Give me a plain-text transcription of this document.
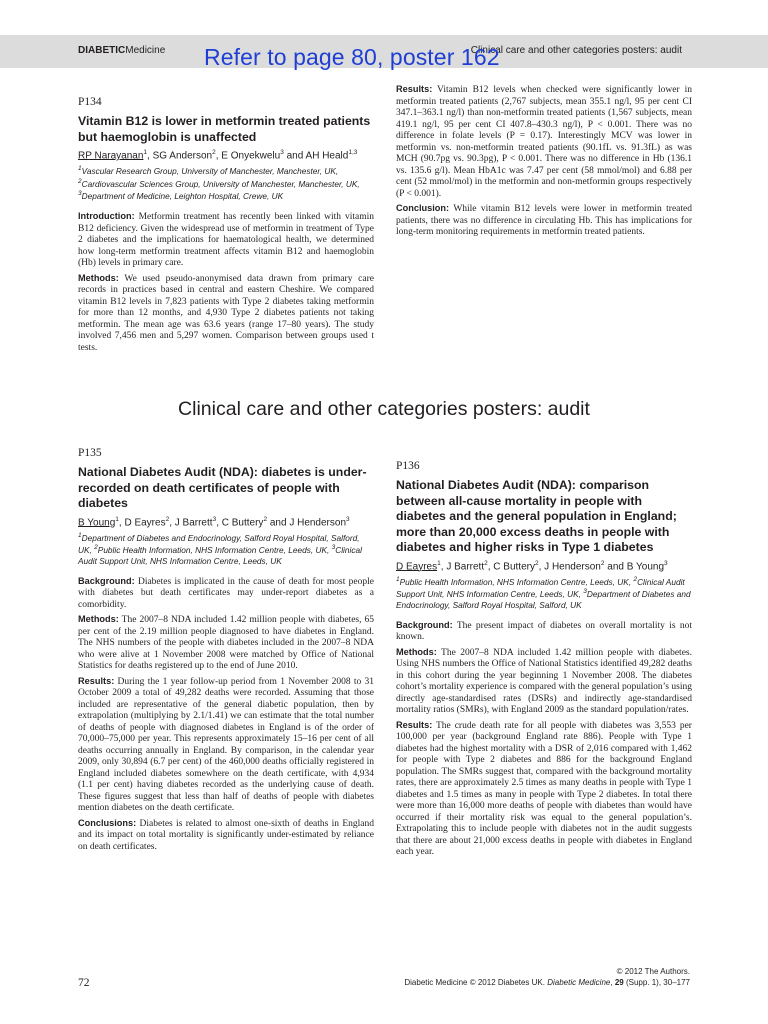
DIABETICMedicine	Clinical care and other categories posters: audit
Refer to page 80, poster 162
P134
Vitamin B12 is lower in metformin treated patients but haemoglobin is unaffected
RP Narayanan$^1$, SG Anderson$^2$, E Onyekwelu$^3$ and AH Heald$^{1,3}$
$^1$Vascular Research Group, University of Manchester, Manchester, UK,
$^2$Cardiovascular Sciences Group, University of Manchester, Manchester, UK,
$^3$Department of Medicine, Leighton Hospital, Crewe, UK

Introduction: Metformin treatment has recently been linked with vitamin B12 deficiency. Given the widespread use of metformin in treatment of Type 2 diabetes and the implications for haematological health, we determined how long-term metformin treatment affects vitamin B12 and haemoglobin (Hb) levels in primary care.

Methods: We used pseudo-anonymised data drawn from primary care records in practices based in central and eastern Cheshire. We compared vitamin B12 levels in 7,823 patients with Type 2 diabetes taking metformin for more than 12 months, and 4,930 Type 2 diabetes patients not taking metformin. The mean age was 63.6 years (range 17–80 years). The study involved 7,456 men and 5,297 women. Comparison between groups used t tests.

Results: Vitamin B12 levels when checked were significantly lower in metformin treated patients (2,767 subjects, mean 355.1 ng/l, 95 per cent CI 347.1–363.1 ng/l) than non-metformin treated patients (1,567 subjects, mean 419.1 ng/l, 95 per cent CI 407.8–430.3 ng/l), P < 0.001. There was no difference in folate levels (P = 0.17). Interestingly MCV was lower in metformin vs. non-metformin treated patients (90.1fL vs. 91.3fL) as was MCH (90.7pg vs. 90.3pg), P < 0.001. There was no difference in Hb (136.1 vs. 135.6 g/l). Mean HbA1c was 7.47 per cent (58 mmol/mol) and 6.88 per cent (52 mmol/mol) in the metformin and non-metformin groups respectively (P < 0.001).

Conclusion: While vitamin B12 levels were lower in metformin treated patients, there was no difference in circulating Hb. This has implications for long-term monitoring requirements in metformin treated patients.

Clinical care and other categories posters: audit
P135
National Diabetes Audit (NDA): diabetes is under-recorded on death certificates of people with diabetes
B Young$^1$, D Eayres$^2$, J Barrett$^3$, C Buttery$^2$ and J Henderson$^3$
$^1$Department of Diabetes and Endocrinology, Salford Royal Hospital, Salford, UK, $^2$Public Health Information, NHS Information Centre, Leeds, UK, $^3$Clinical Audit Support Unit, NHS Information Centre, Leeds, UK

Background: Diabetes is implicated in the cause of death for most people with diabetes but death certificates may under-report diabetes as a comorbidity.

Methods: The 2007–8 NDA included 1.42 million people with diabetes, 65 per cent of the 2.19 million people diagnosed to have diabetes in England. The NHS numbers of the people with diabetes included in the 2007–8 NDA who were alive at 1 November 2008 were matched by Office of National Statistics for deaths registered up to the end of June 2010.

Results: During the 1 year follow-up period from 1 November 2008 to 31 October 2009 a total of 49,282 deaths were recorded. Assuming that those included are representative of the general diabetic population, then by extrapolation (multiplying by 2.1/1.41) we can estimate that the total number of deaths of people with diagnosed diabetes in England is of the order of 70,000–75,000 per year. This represents approximately 15–16 per cent of all deaths occurring annually in England. By comparison, in the calendar year 2009, only 30,894 (6.7 per cent) of the 460,000 deaths officially registered in England included diabetes somewhere on the death certificate, with 4,934 (1.1 per cent) having diabetes recorded as the underlying cause of death. These figures suggest that less than half of deaths of people with diabetes mention diabetes on the death certificate.

Conclusions: Diabetes is related to almost one-sixth of deaths in England and its impact on total mortality is significantly under-estimated by reliance on death certificates.

P136
National Diabetes Audit (NDA): comparison between all-cause mortality in people with diabetes and the general population in England; more than 20,000 excess deaths in people with diabetes and higher risks in Type 1 diabetes
D Eayres$^1$, J Barrett$^2$, C Buttery$^2$, J Henderson$^2$ and B Young$^3$
$^1$Public Health Information, NHS Information Centre, Leeds, UK, $^2$Clinical Audit Support Unit, NHS Information Centre, Leeds, UK, $^3$Department of Diabetes and Endocrinology, Salford Royal Hospital, Salford, UK

Background: The present impact of diabetes on overall mortality is not known.

Methods: The 2007–8 NDA included 1.42 million people with diabetes. Using NHS numbers the Office of National Statistics identified 49,282 deaths in this cohort during the year beginning 1 November 2008. The diabetes cohort’s mortality experience is compared with the general population’s using directly age-standardised rates (DSRs) and indirectly age-standardised mortality ratios (SMRs), with England 2009 as the standard population/rates.

Results: The crude death rate for all people with diabetes was 3,553 per 100,000 per year (background England rate 886). People with Type 1 diabetes had the highest mortality with a DSR of 2,016 compared with 1,462 for people with Type 2 diabetes and 886 for the background England population. The SMRs suggest that, compared with the background mortality rates, there are approximately 2.5 times as many deaths in people with Type 1 diabetes and 1.5 times as many in people with Type 2 diabetes. In total there were more than 16,000 more deaths of people with diabetes than would have occurred if their mortality risk was equal to the general population’s. Extrapolating this to include people with diabetes not in the audit suggests that there are about 21,000 excess deaths in people with diabetes in England each year.

72
© 2012 The Authors.
Diabetic Medicine © 2012 Diabetes UK. Diabetic Medicine, 29 (Supp. 1), 30–177
